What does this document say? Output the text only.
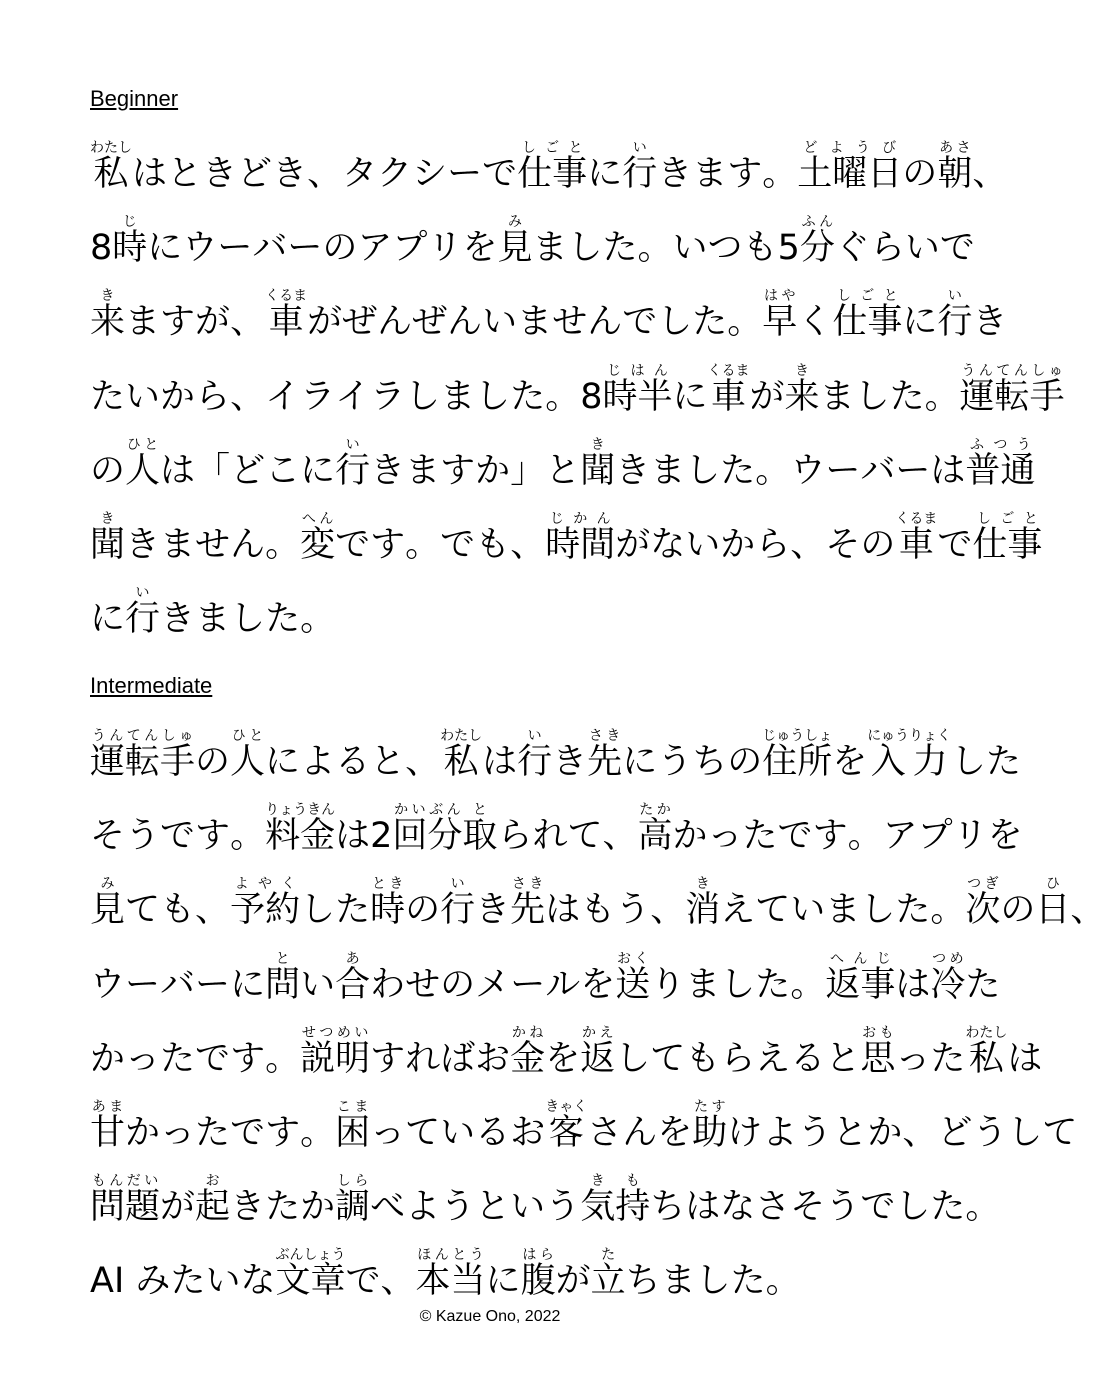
Beginner
私わたし
は と き ど き 、 タ ク シ ー で 仕事しごと
に 行い
き ま す 。 土曜日どようび
の 朝あさ
、
8 時じ
に ウ ー バ ー の ア プ リ を 見み
ま し た 。 い つ も 5 分ふん
ぐ ら い で
来き
ま す が 、 車くるま
が ぜ ん ぜ ん い ま せ ん で し た 。 早はや
く 仕事しごと
に 行い
き
た い か ら 、 イ ラ イ ラ し ま し た 。 8 時半じはん
に 車くるま
が 来き
ま し た 。 運転手うんてんしゅ
の 人ひと
は 「 ど こ に 行い
き ま す か 」 と 聞き
き ま し た 。 ウ ー バ ー は 普通ふつう
聞き
き ま せ ん 。 変へん
で す 。 で も 、 時間じかん
が な い か ら 、 そ の 車くるま
で 仕事しごと
に 行い
き ま し た 。
Intermediate
運転手うんてんしゅ
の 人ひと
に よ る と 、 私わたし
は 行い
き 先さき
に う ち の 住所じゅうしょ
を 入力にゅうりょく
し た
そ う で す 。 料金りょうきん
は 2 回分かいぶん
取と
ら れ て 、 高たか
か っ た で す 。 ア プ リ を
見み
て も 、 予約よやく
し た 時とき
の 行い
き 先さき
は も う 、 消き
え て い ま し た 。 次つぎ
の 日ひ
、
ウ ー バ ー に 問と
い 合あ
わ せ の メ ー ル を 送おく
り ま し た 。 返事へんじ
は 冷つめ
た
か っ た で す 。 説明せつめい
す れ ば お 金かね
を 返かえ
し て も ら え る と 思おも
っ た 私わたし
は
甘あま
か っ た で す 。 困こま
っ て い る お 客きゃく
さ ん を 助たす
け よ う と か 、 ど う し て
問題もんだい
が 起お
き た か 調しら
べ よ う と い う 気持きも
ち は な さ そ う で し た 。
A I
み た い な 文章ぶんしょう
で 、 本当ほんとう
に 腹はら
が 立た
ち ま し た 。
© Kazue Ono, 2022
